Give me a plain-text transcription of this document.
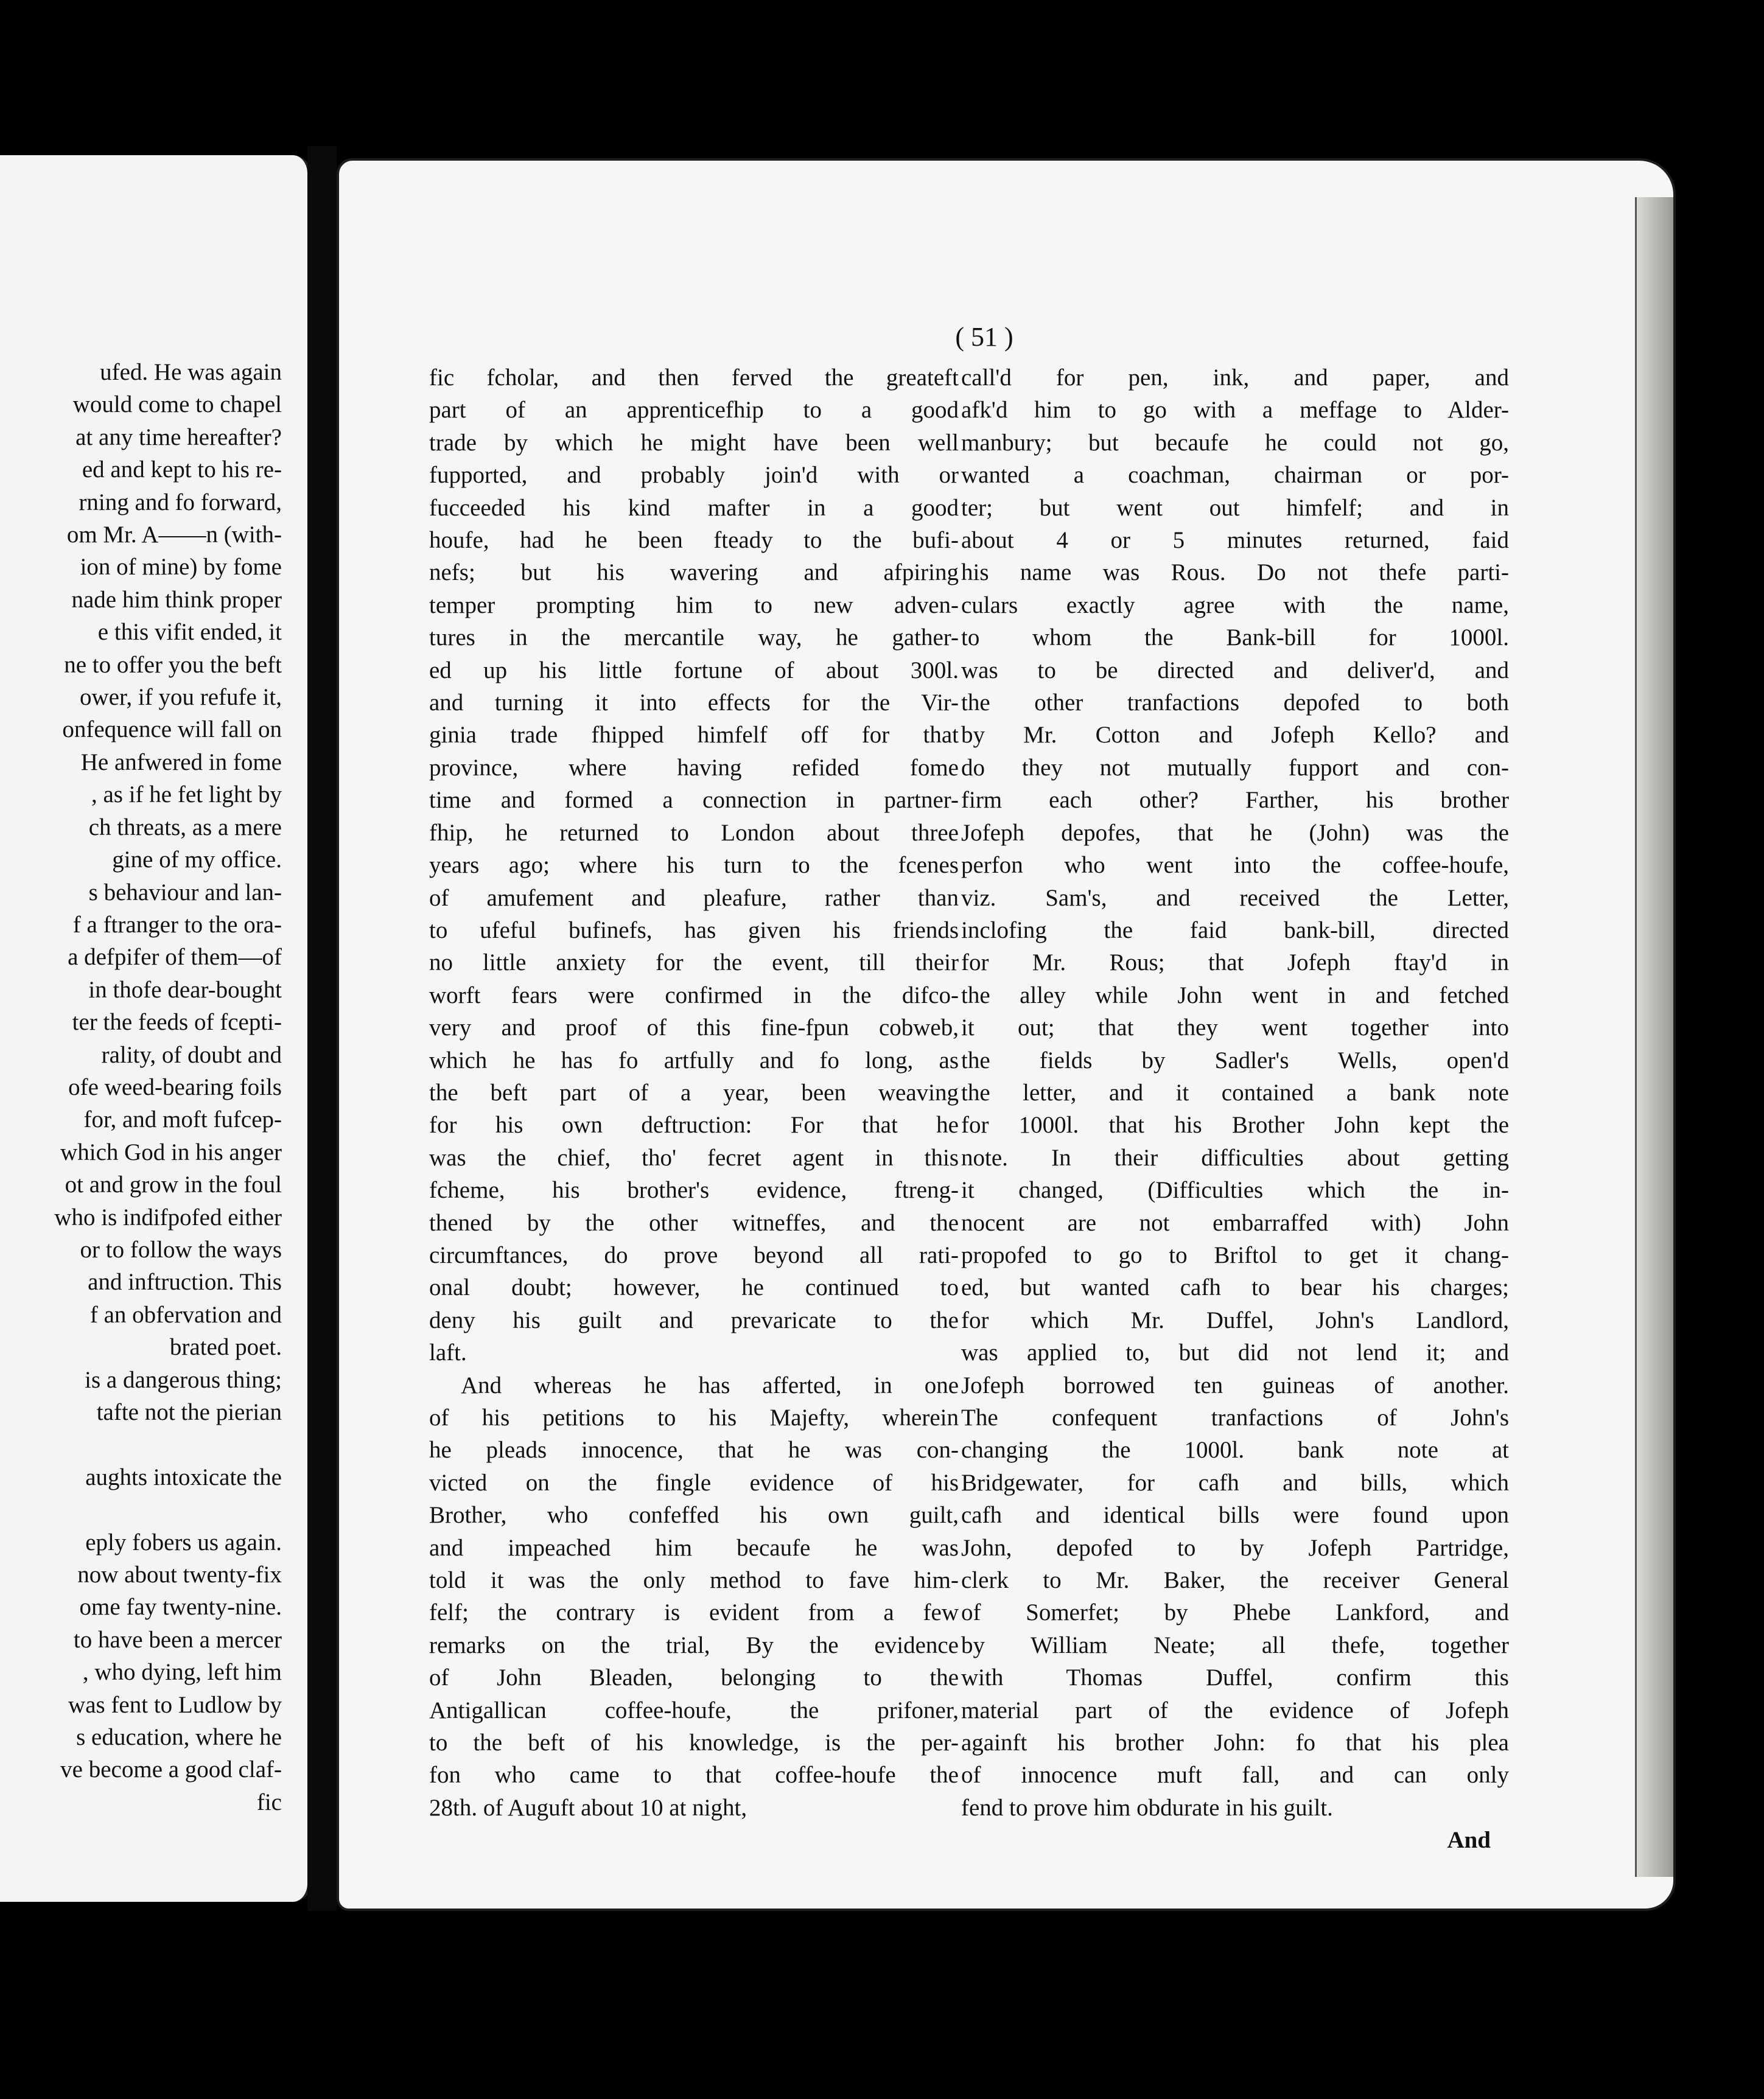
ufed. He was again
would come to chapel
at any time hereafter?
ed and kept to his re-
rning and fo forward,
om Mr. A——n (with-
ion of mine) by fome
nade him think proper
e this vifit ended, it
ne to offer you the beft
ower, if you refufe it,
onfequence will fall on
He anfwered in fome
, as if he fet light by
ch threats, as a mere
gine of my office.
s behaviour and lan-
f a ftranger to the ora-
a defpifer of them—of
in thofe dear-bought
ter the feeds of fcepti-
rality, of doubt and
ofe weed-bearing foils
for, and moft fufcep-
which God in his anger
ot and grow in the foul
who is indifpofed either
or to follow the ways
and inftruction. This
f an obfervation and
brated poet.
is a dangerous thing;
tafte not the pierian

aughts intoxicate the

eply fobers us again.
now about twenty-fix
ome fay twenty-nine.
to have been a mercer
, who dying, left him
was fent to Ludlow by
s education, where he
ve become a good claf-
fic
( 51 )
fic fcholar, and then ferved the greateft
part of an apprenticefhip to a good
trade by which he might have been well
fupported, and probably join'd with or
fucceeded his kind mafter in a good
houfe, had he been fteady to the bufi-
nefs; but his wavering and afpiring
temper prompting him to new adven-
tures in the mercantile way, he gather-
ed up his little fortune of about 300l.
and turning it into effects for the Vir-
ginia trade fhipped himfelf off for that
province, where having refided fome
time and formed a connection in partner-
fhip, he returned to London about three
years ago; where his turn to the fcenes
of amufement and pleafure, rather than
to ufeful bufinefs, has given his friends
no little anxiety for the event, till their
worft fears were confirmed in the difco-
very and proof of this fine-fpun cobweb,
which he has fo artfully and fo long, as
the beft part of a year, been weaving
for his own deftruction: For that he
was the chief, tho' fecret agent in this
fcheme, his brother's evidence, ftreng-
thened by the other witneffes, and the
circumftances, do prove beyond all rati-
onal doubt; however, he continued to
deny his guilt and prevaricate to the
laft.
And whereas he has afferted, in one
of his petitions to his Majefty, wherein
he pleads innocence, that he was con-
victed on the fingle evidence of his
Brother, who confeffed his own guilt,
and impeached him becaufe he was
told it was the only method to fave him-
felf; the contrary is evident from a few
remarks on the trial, By the evidence
of John Bleaden, belonging to the
Antigallican coffee-houfe, the prifoner,
to the beft of his knowledge, is the per-
fon who came to that coffee-houfe the
28th. of Auguft about 10 at night,
call'd for pen, ink, and paper, and
afk'd him to go with a meffage to Alder-
manbury; but becaufe he could not go,
wanted a coachman, chairman or por-
ter; but went out himfelf; and in
about 4 or 5 minutes returned, faid
his name was Rous. Do not thefe parti-
culars exactly agree with the name,
to whom the Bank-bill for 1000l.
was to be directed and deliver'd, and
the other tranfactions depofed to both
by Mr. Cotton and Jofeph Kello? and
do they not mutually fupport and con-
firm each other? Farther, his brother
Jofeph depofes, that he (John) was the
perfon who went into the coffee-houfe,
viz. Sam's, and received the Letter,
inclofing the faid bank-bill, directed
for Mr. Rous; that Jofeph ftay'd in
the alley while John went in and fetched
it out; that they went together into
the fields by Sadler's Wells, open'd
the letter, and it contained a bank note
for 1000l. that his Brother John kept the
note. In their difficulties about getting
it changed, (Difficulties which the in-
nocent are not embarraffed with) John
propofed to go to Briftol to get it chang-
ed, but wanted cafh to bear his charges;
for which Mr. Duffel, John's Landlord,
was applied to, but did not lend it; and
Jofeph borrowed ten guineas of another.
The confequent tranfactions of John's
changing the 1000l. bank note at
Bridgewater, for cafh and bills, which
cafh and identical bills were found upon
John, depofed to by Jofeph Partridge,
clerk to Mr. Baker, the receiver General
of Somerfet; by Phebe Lankford, and
by William Neate; all thefe, together
with Thomas Duffel, confirm this
material part of the evidence of Jofeph
againft his brother John: fo that his plea
of innocence muft fall, and can only
fend to prove him obdurate in his guilt.
And
